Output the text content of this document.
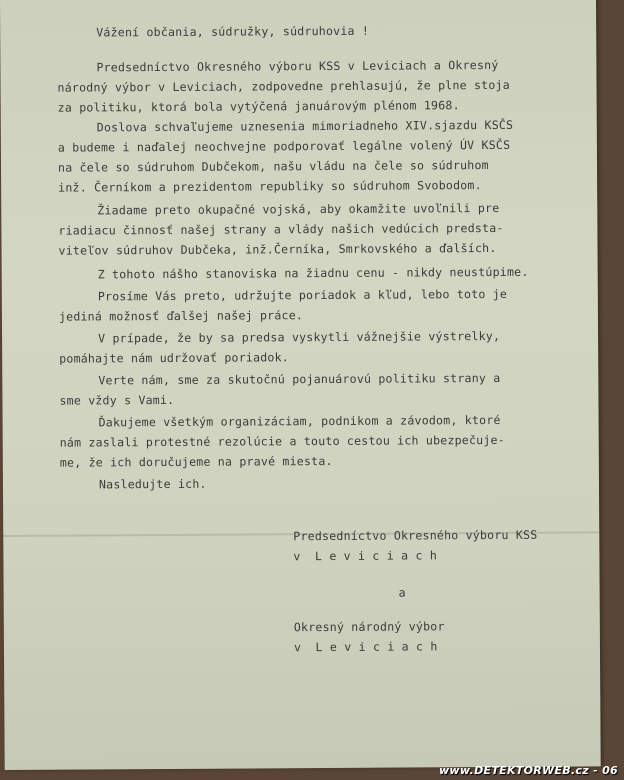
Vážení občania, súdružky, súdruhovia !
Predsedníctvo Okresného výboru KSS v Leviciach a Okresný
národný výbor v Leviciach, zodpovedne prehlasujú, že plne stoja
za politiku, ktorá bola vytýčená januárovým plénom 1968.
Doslova schvaľujeme uznesenia mimoriadneho XIV.sjazdu KSČS
a budeme i naďalej neochvejne podporovať legálne volený ÚV KSČS
na čele so súdruhom Dubčekom, našu vládu na čele so súdruhom
inž. Černíkom a prezidentom republiky so súdruhom Svobodom.
Žiadame preto okupačné vojská, aby okamžite uvoľnili pre
riadiacu činnosť našej strany a vlády našich vedúcich predsta-
viteľov súdruhov Dubčeka, inž.Černíka, Smrkovského a ďalších.
Z tohoto nášho stanoviska na žiadnu cenu - nikdy neustúpime.
Prosíme Vás preto, udržujte poriadok a kľud, lebo toto je
jediná možnosť ďalšej našej práce.
V prípade, že by sa predsa vyskytli vážnejšie výstrelky,
pomáhajte nám udržovať poriadok.
Verte nám, sme za skutočnú pojanuárovú politiku strany a
sme vždy s Vami.
Ďakujeme všetkým organizáciam, podnikom a závodom, ktoré
nám zaslali protestné rezolúcie a touto cestou ich ubezpečuje-
me, že ich doručujeme na pravé miesta.
Nasledujte ich.
Predsedníctvo Okresného výboru KSS
v  L e v i c i a c h
a
Okresný národný výbor
v  L e v i c i a c h
www.DETEKTORWEB.cz - 06
